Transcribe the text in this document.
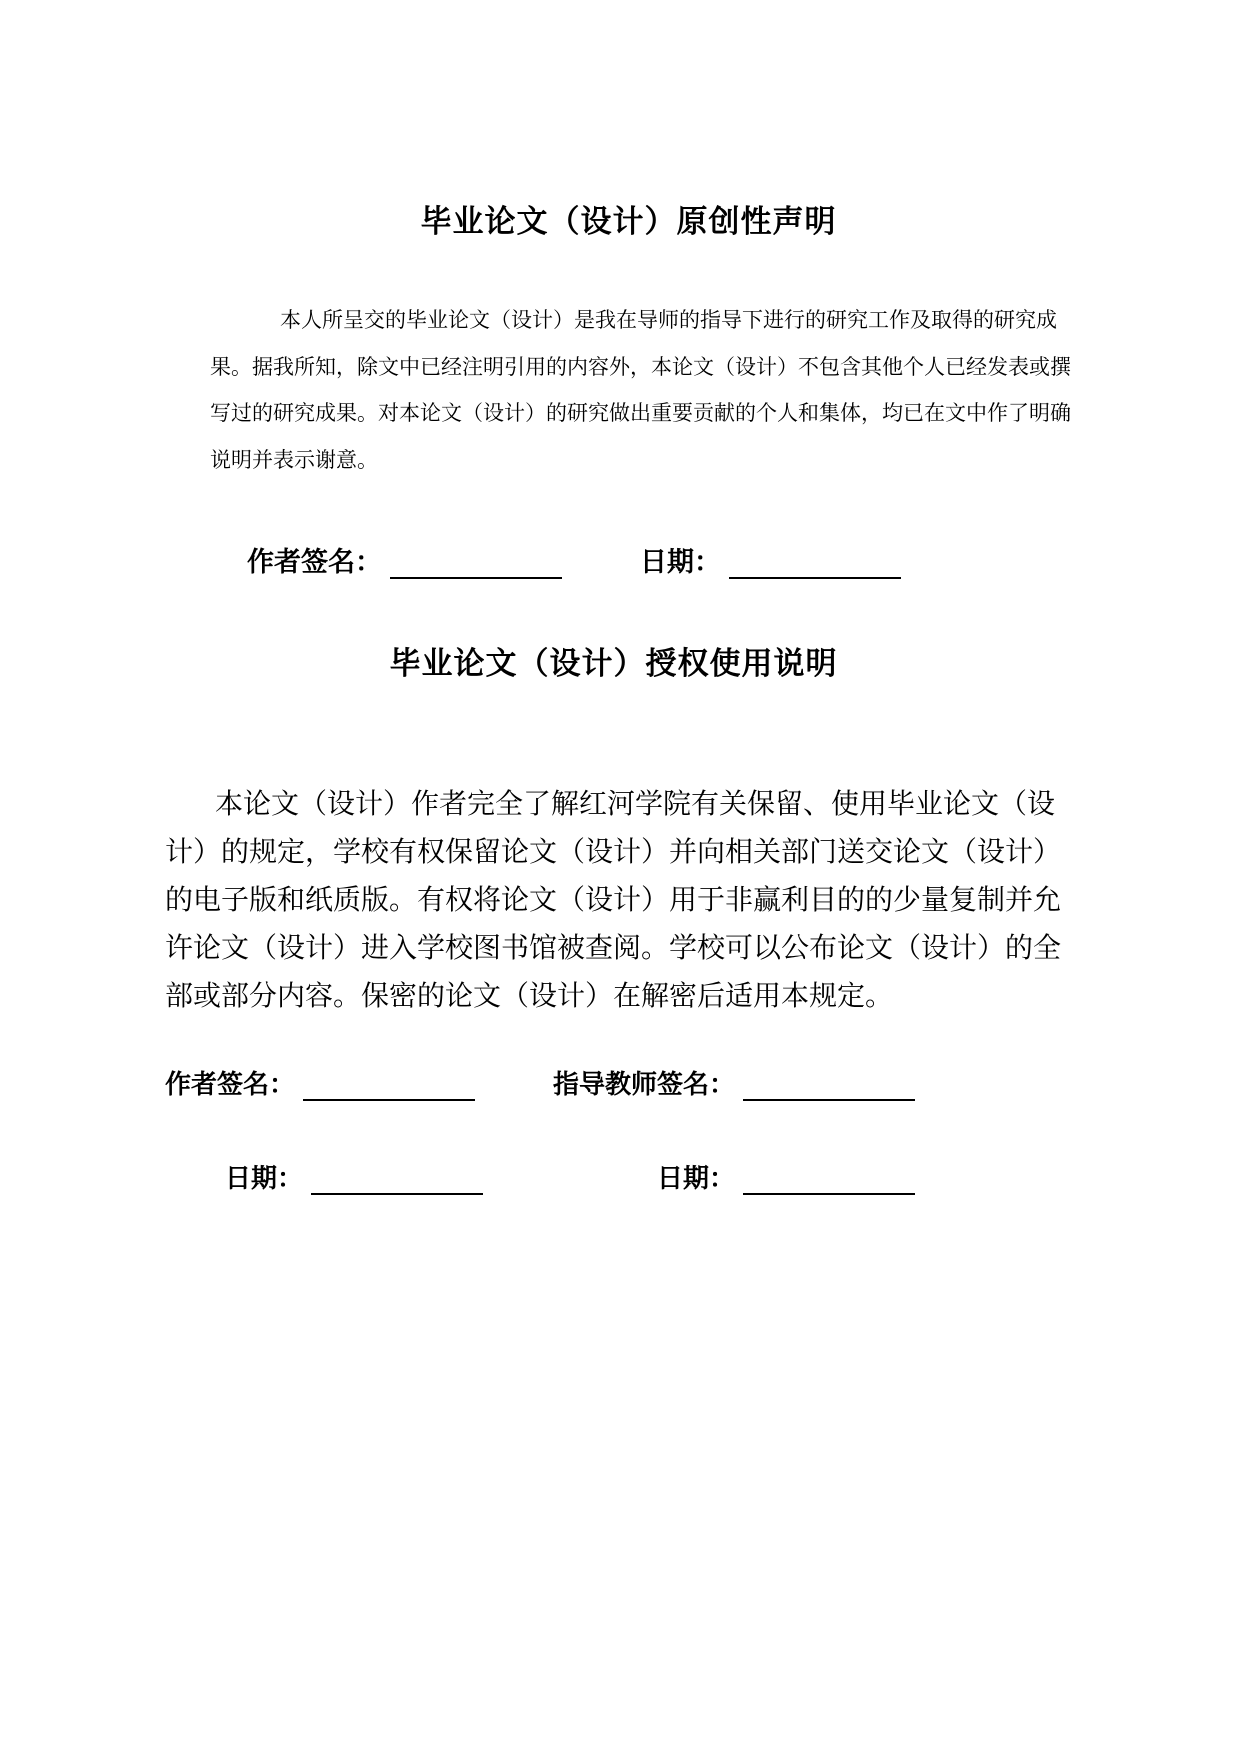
毕业论文（设计）原创性声明
本人所呈交的毕业论文（设计）是我在导师的指导下进行的研究工作及取得的研究成果。据我所知，除文中已经注明引用的内容外，本论文（设计）不包含其他个人已经发表或撰写过的研究成果。对本论文（设计）的研究做出重要贡献的个人和集体，均已在文中作了明确说明并表示谢意。
作者签名：	日期：
毕业论文（设计）授权使用说明
本论文（设计）作者完全了解红河学院有关保留、使用毕业论文（设计）的规定，学校有权保留论文（设计）并向相关部门送交论文（设计）的电子版和纸质版。有权将论文（设计）用于非赢利目的的少量复制并允许论文（设计）进入学校图书馆被查阅。学校可以公布论文（设计）的全部或部分内容。保密的论文（设计）在解密后适用本规定。
作者签名：	指导教师签名：
日期：	日期：
